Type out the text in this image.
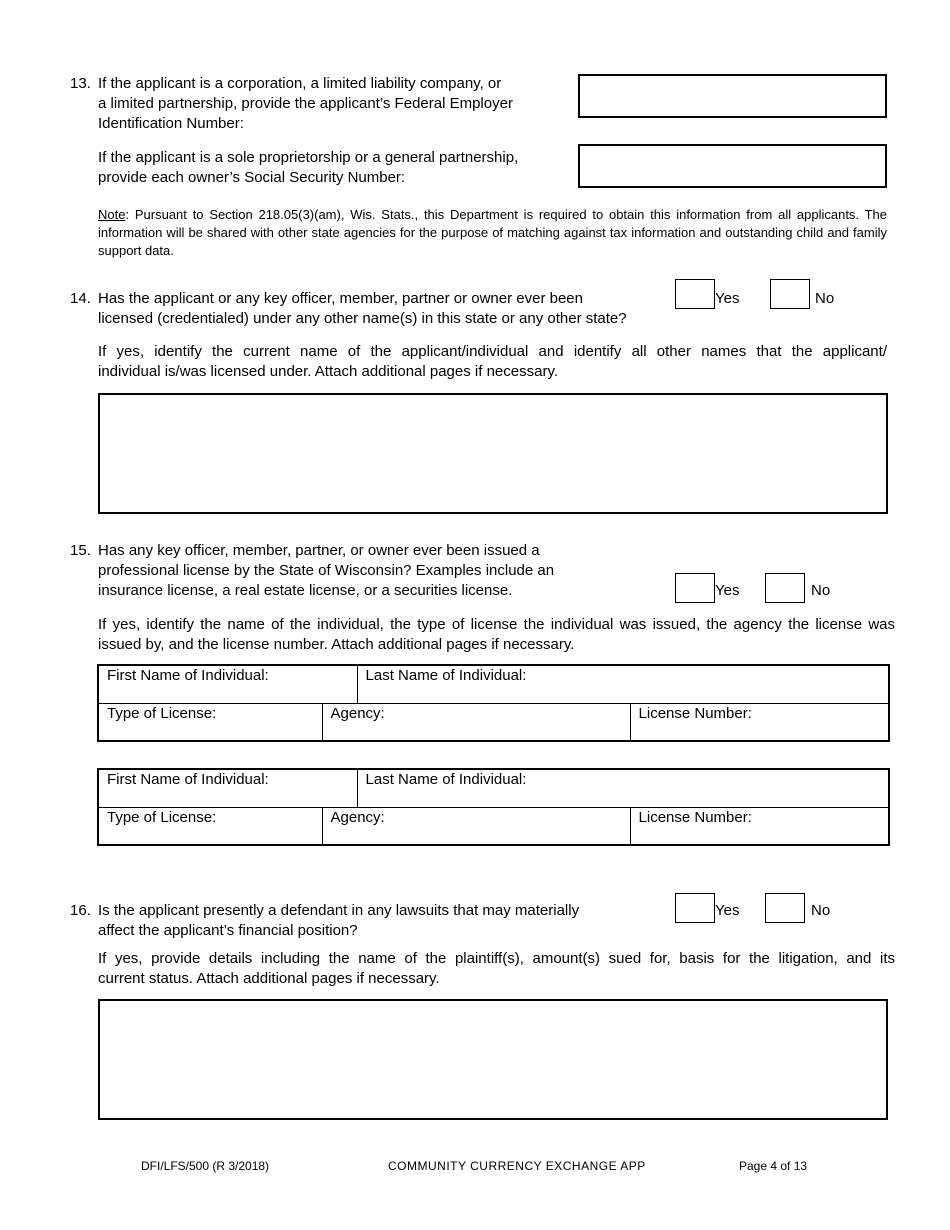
13. If the applicant is a corporation, a limited liability company, or
a limited partnership, provide the applicant’s Federal Employer
Identification Number:
If the applicant is a sole proprietorship or a general partnership,
provide each owner’s Social Security Number:
Note: Pursuant to Section 218.05(3)(am), Wis. Stats., this Department is required to obtain this information from all applicants. The information will be shared with other state agencies for the purpose of matching against tax information and outstanding child and family support data.
14. Has the applicant or any key officer, member, partner or owner ever been
licensed (credentialed) under any other name(s) in this state or any other state?
Yes	No
If yes, identify the current name of the applicant/individual and identify all other names that the applicant/
individual is/was licensed under. Attach additional pages if necessary.
15. Has any key officer, member, partner, or owner ever been issued a
professional license by the State of Wisconsin? Examples include an
insurance license, a real estate license, or a securities license.	Yes	No
If yes, identify the name of the individual, the type of license the individual was issued, the agency the license was
issued by, and the license number. Attach additional pages if necessary.
First Name of Individual:		Last Name of Individual:	
Type of License:	Agency:		License Number:
First Name of Individual:		Last Name of Individual:	
Type of License:	Agency:		License Number:
16. Is the applicant presently a defendant in any lawsuits that may materially
affect the applicant’s financial position?
Yes	No
If yes, provide details including the name of the plaintiff(s), amount(s) sued for, basis for the litigation, and its
current status. Attach additional pages if necessary.
DFI/LFS/500 (R 3/2018)	COMMUNITY CURRENCY EXCHANGE APP	Page 4 of 13
